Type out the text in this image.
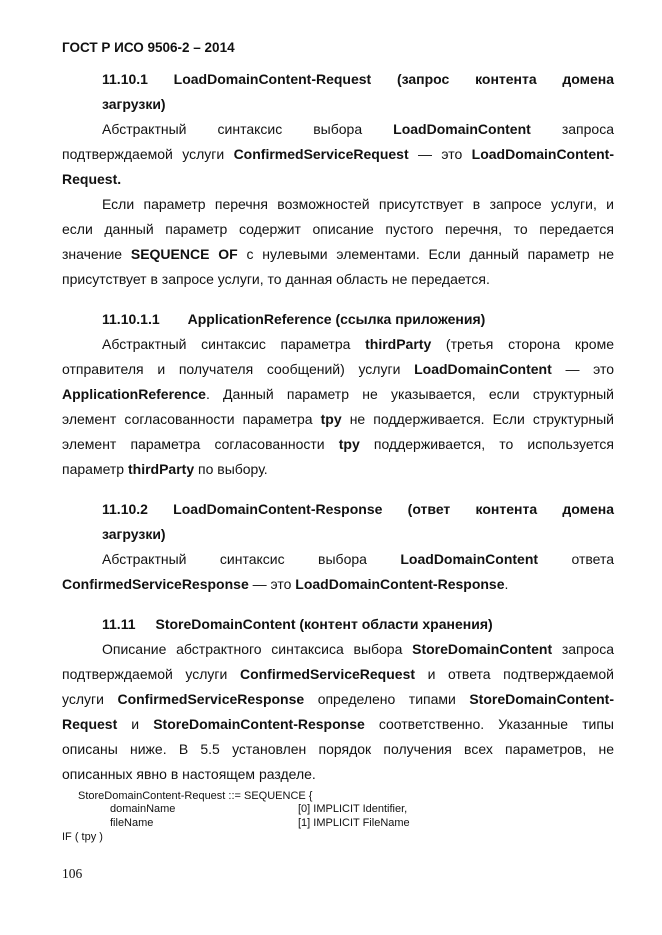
ГОСТ Р ИСО 9506-2 – 2014
11.10.1 LoadDomainContent-Request (запрос контента домена
загрузки)
Абстрактный синтаксис выбора LoadDomainContent запроса
подтверждаемой услуги ConfirmedServiceRequest — это LoadDomainContent-
Request.
Если параметр перечня возможностей присутствует в запросе услуги, и
если данный параметр содержит описание пустого перечня, то передается
значение SEQUENCE OF с нулевыми элементами. Если данный параметр не
присутствует в запросе услуги, то данная область не передается.
11.10.1.1 ApplicationReference (ссылка приложения)
Абстрактный синтаксис параметра thirdParty (третья сторона кроме
отправителя и получателя сообщений) услуги LoadDomainContent — это
ApplicationReference. Данный параметр не указывается, если структурный
элемент согласованности параметра tpy не поддерживается. Если структурный
элемент параметра согласованности tpy поддерживается, то используется
параметр thirdParty по выбору.
11.10.2 LoadDomainContent-Response (ответ контента домена
загрузки)
Абстрактный синтаксис выбора LoadDomainContent ответа
ConfirmedServiceResponse — это LoadDomainContent-Response.
11.11 StoreDomainContent (контент области хранения)
Описание абстрактного синтаксиса выбора StoreDomainContent запроса
подтверждаемой услуги ConfirmedServiceRequest и ответа подтверждаемой
услуги ConfirmedServiceResponse определено типами StoreDomainContent-
Request и StoreDomainContent-Response соответственно. Указанные типы
описаны ниже. В 5.5 установлен порядок получения всех параметров, не
описанных явно в настоящем разделе.
StoreDomainContent-Request ::= SEQUENCE {
domainName	[0] IMPLICIT Identifier,
fileName	[1] IMPLICIT FileName
IF ( tpy )
106
